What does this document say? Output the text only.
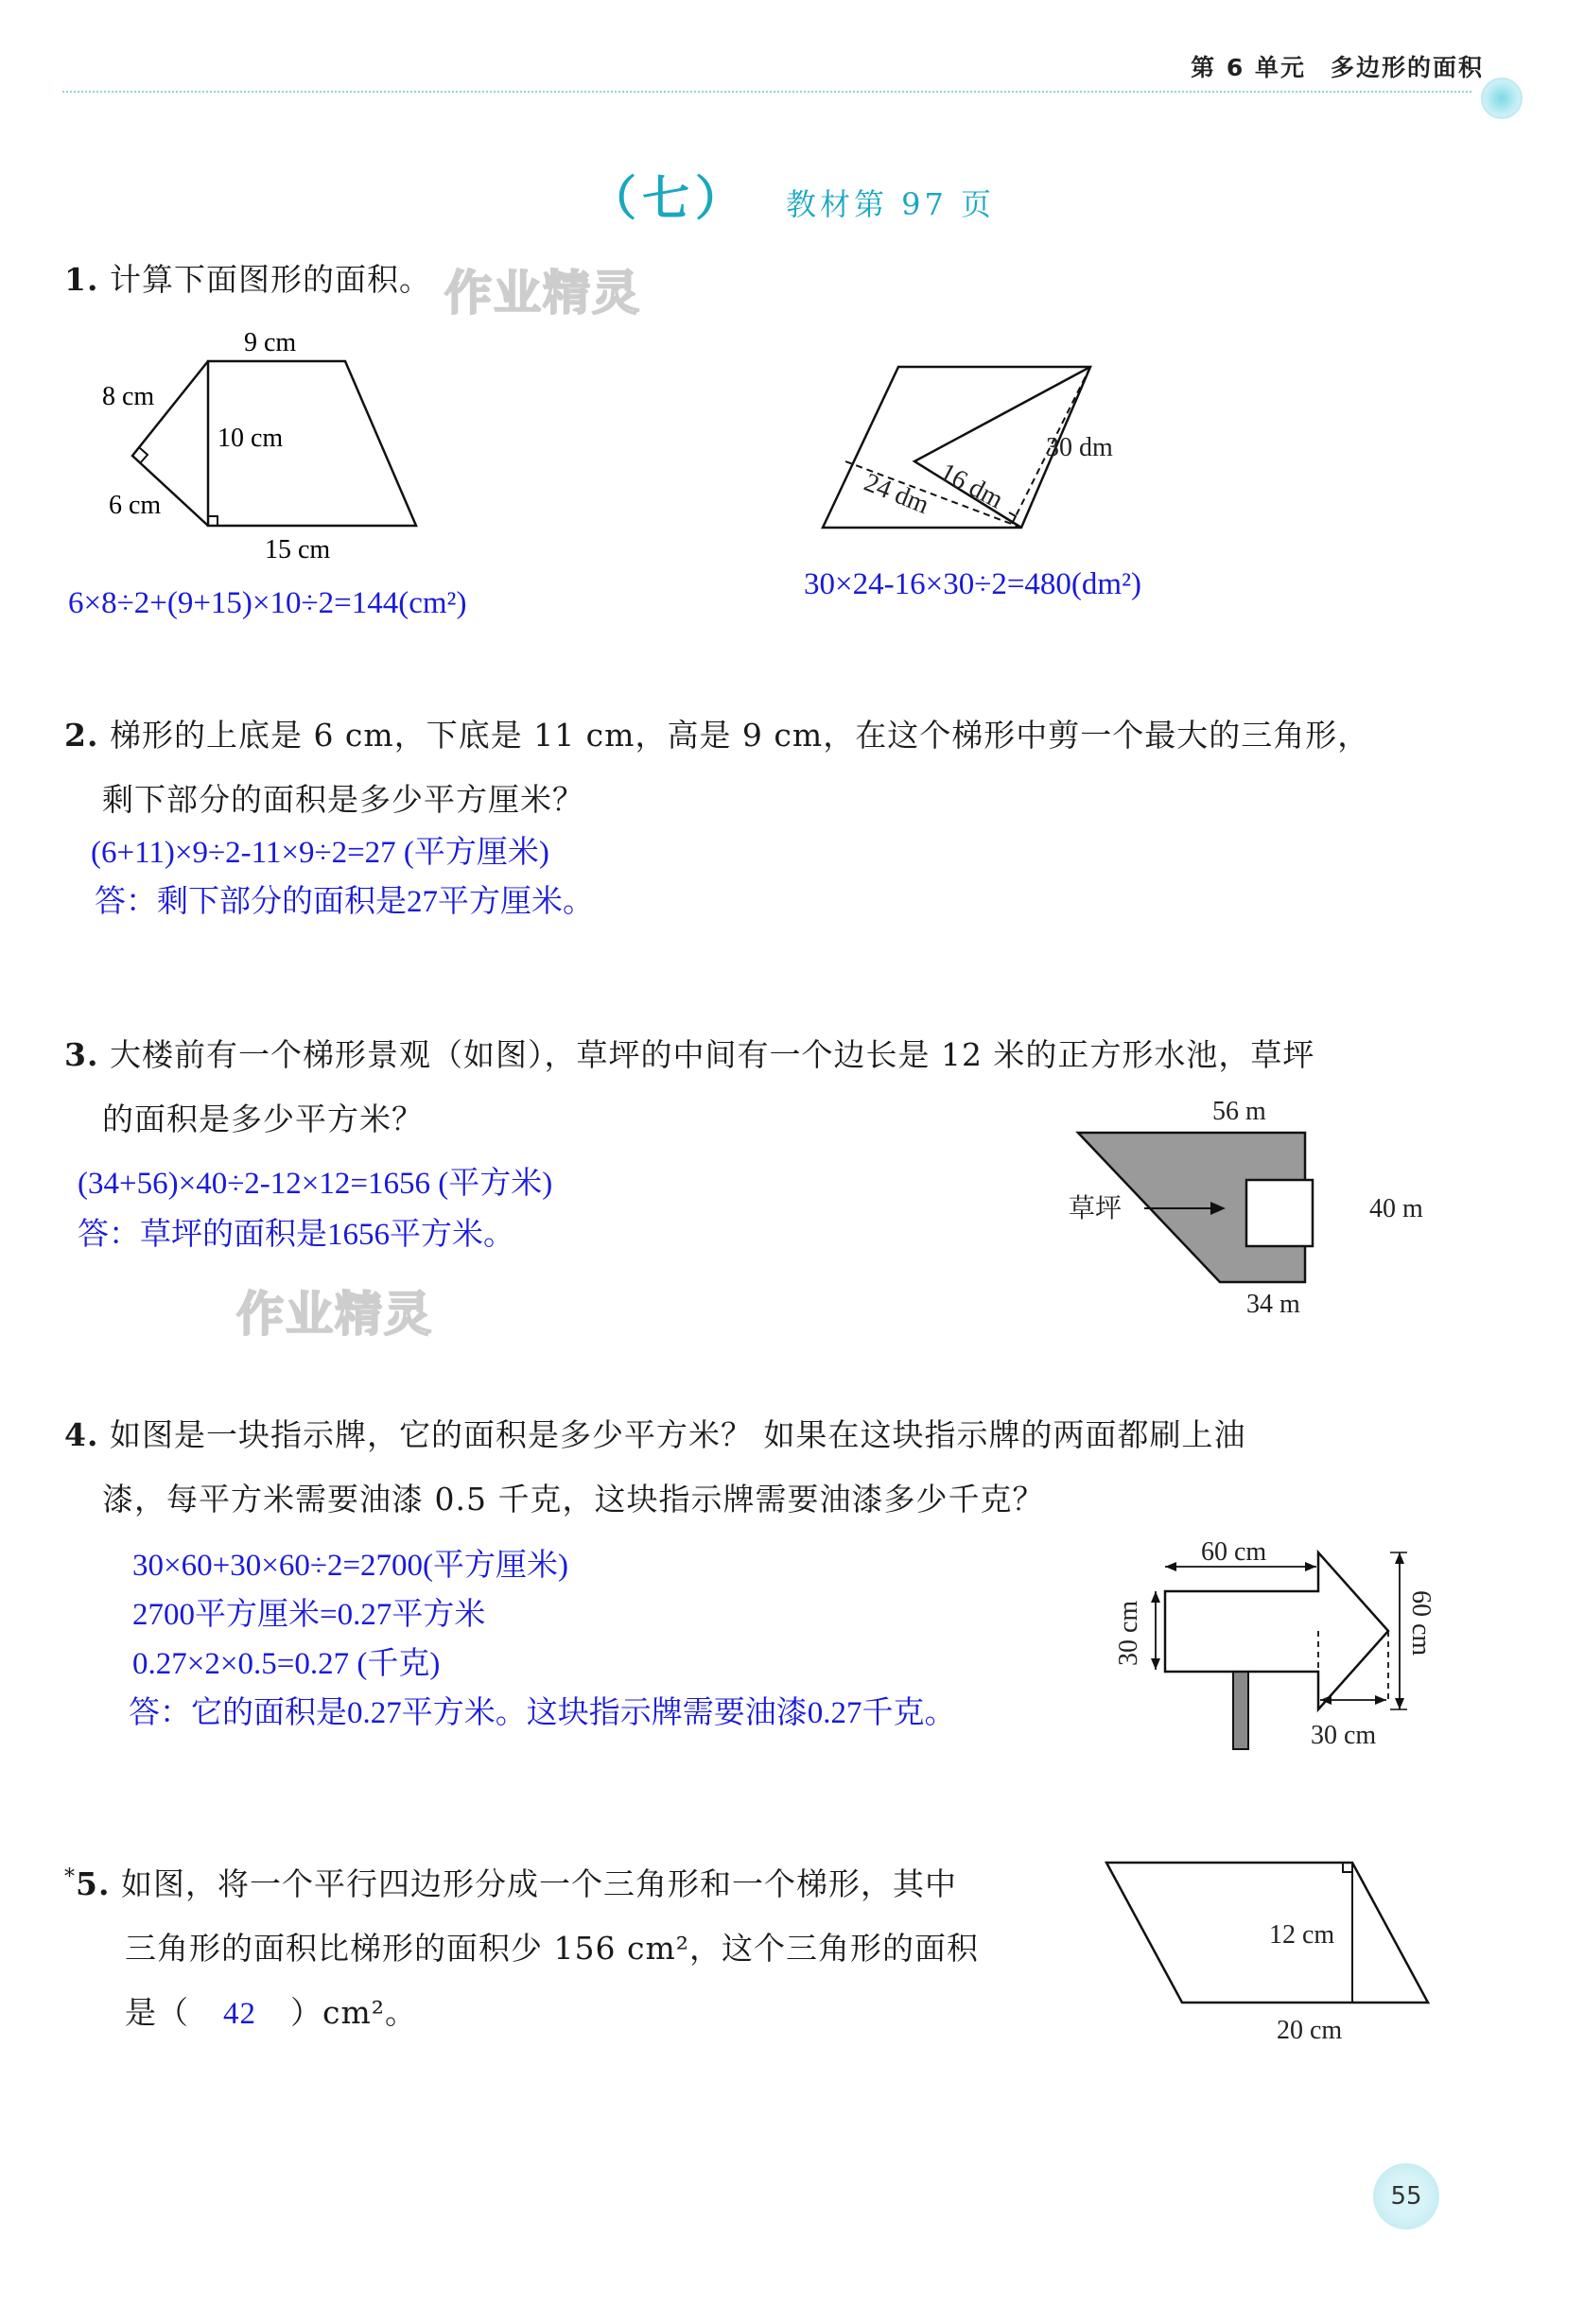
第 6 单元 多边形的面积
（七） 教材第 97 页
1. 计算下面图形的面积。 作业精灵
9 cm
8 cm
10 cm
6 cm
15 cm
16 dm
24 dm
30 dm
6×8÷2+(9+15)×10÷2=144(cm²)
30×24-16×30÷2=480(dm²)
2. 梯形的上底是 6 cm，下底是 11 cm，高是 9 cm，在这个梯形中剪一个最大的三角形，
剩下部分的面积是多少平方厘米？
(6+11)×9÷2-11×9÷2=27 (平方厘米)
答：剩下部分的面积是27平方厘米。
3. 大楼前有一个梯形景观（如图），草坪的中间有一个边长是 12 米的正方形水池，草坪
的面积是多少平方米？	56 m
40 m
34 m
草坪
(34+56)×40÷2-12×12=1656 (平方米)
答：草坪的面积是1656平方米。
作业精灵
4. 如图是一块指示牌，它的面积是多少平方米？ 如果在这块指示牌的两面都刷上油
漆，每平方米需要油漆 0.5 千克，这块指示牌需要油漆多少千克？
30×60+30×60÷2=2700(平方厘米)
2700平方厘米=0.27平方米
0.27×2×0.5=0.27 (千克)
答：它的面积是0.27平方米。这块指示牌需要油漆0.27千克。
60 cm
30 cm	60 cm
30 cm
*5. 如图，将一个平行四边形分成一个三角形和一个梯形，其中
三角形的面积比梯形的面积少 156 cm²，这个三角形的面积
是（ 42 ）cm²。
12 cm
20 cm
55
